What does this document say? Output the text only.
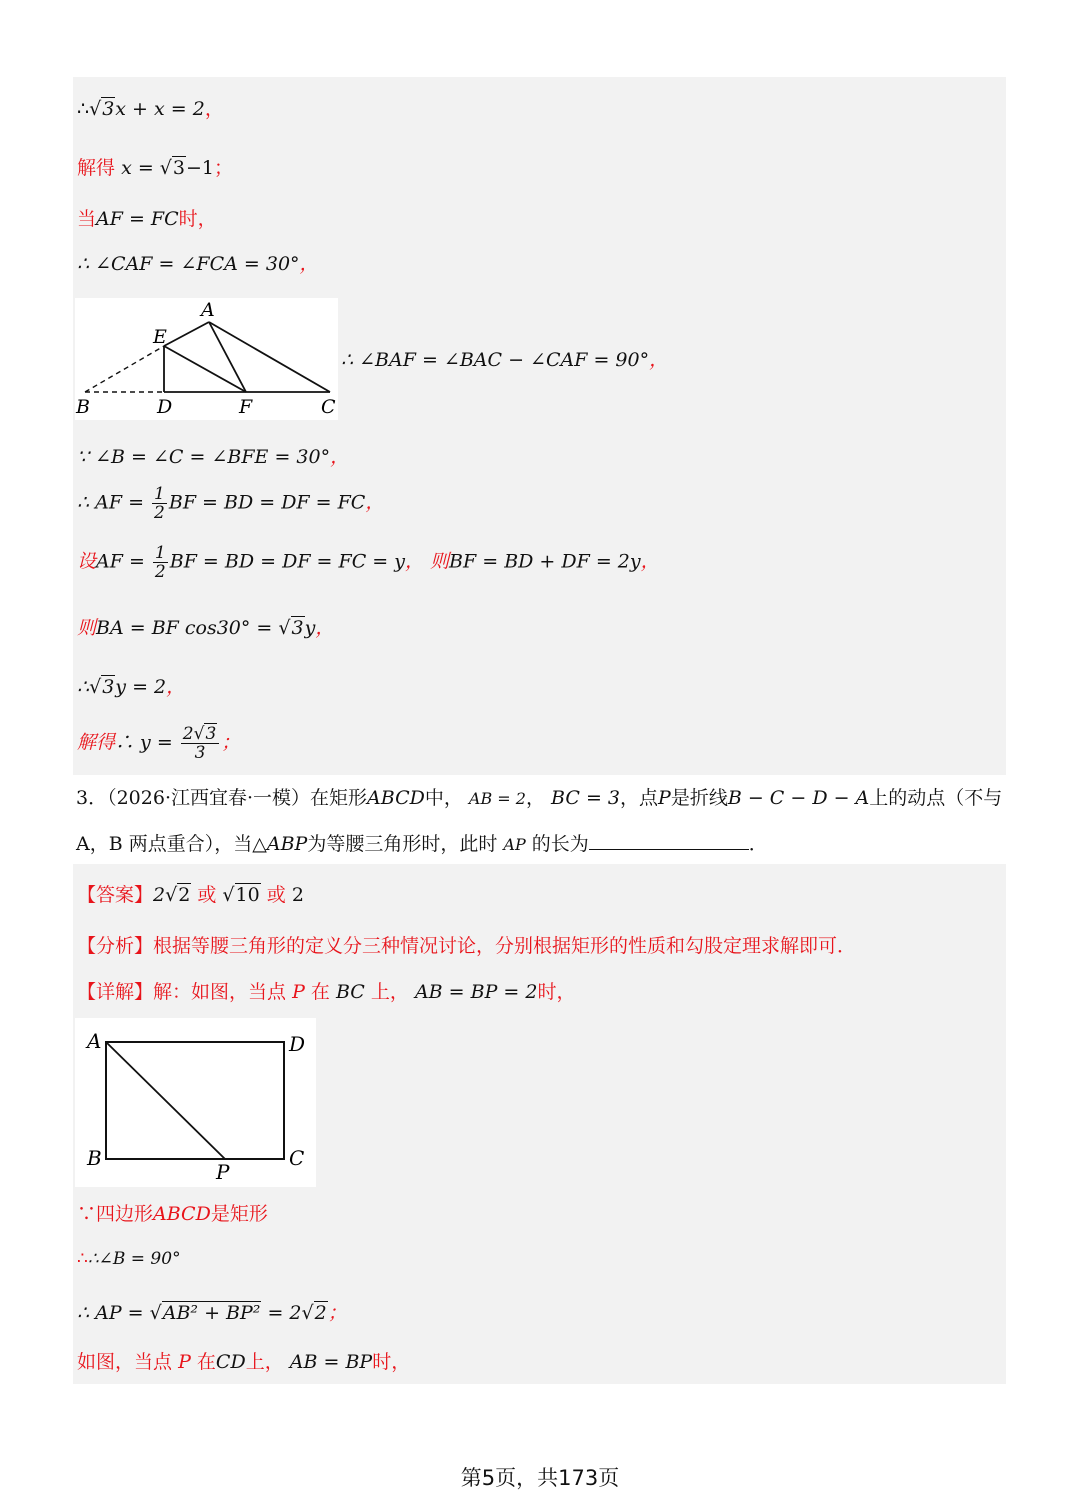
∴√3x + x = 2，
解得 x = √3−1；
当AF = FC时，
∴ ∠CAF = ∠FCA = 30°，
∴ ∠BAF = ∠BAC − ∠CAF = 90°，
∵ ∠B = ∠C = ∠BFE = 30°，
∴ AF = $\frac{1}{2}$ BF = BD = DF = FC，
设AF = $\frac{1}{2}$ BF = BD = DF = FC = y， 则BF = BD + DF = 2y，
则BA = BF cos30° = √3y，
∴√3y = 2，
解得∴ $y = \frac{2√3}{3}$ ；
A
E
B	D	F	C
3．（2026·江西宜春·一模）在矩形ABCD中， AB = 2， BC = 3，点P是折线B − C − D − A上的动点（不与
A，B 两点重合），当△ABP为等腰三角形时，此时 AP 的长为	．
【答案】2√2 或 √10 或 2
【分析】根据等腰三角形的定义分三种情况讨论，分别根据矩形的性质和勾股定理求解即可．
【详解】解：如图，当点 P 在 BC 上， AB = BP = 2时，
∵四边形ABCD是矩形
∴∴∠B = 90°
∴ AP = √AB² + BP² = 2√2；
如图，当点 P 在CD上， AB = BP时，
A	D
B	C
P
第5页，共173页
